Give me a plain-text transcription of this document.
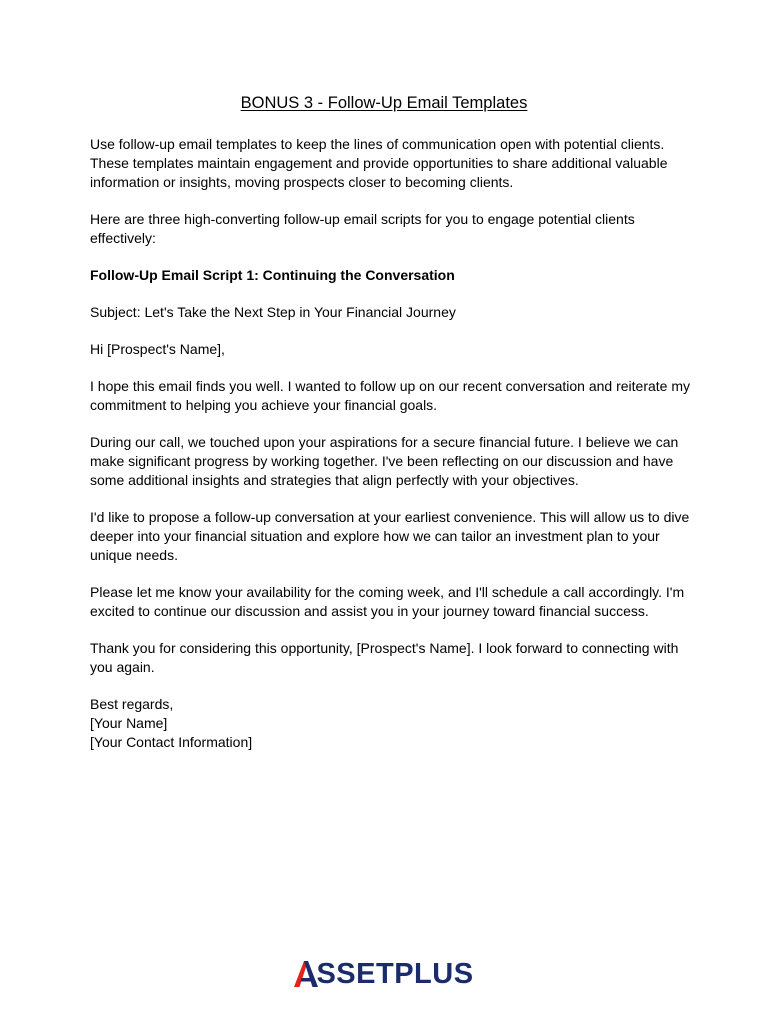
BONUS 3 - Follow-Up Email Templates

Use follow-up email templates to keep the lines of communication open with potential clients. These templates maintain engagement and provide opportunities to share additional valuable information or insights, moving prospects closer to becoming clients.

Here are three high-converting follow-up email scripts for you to engage potential clients effectively:

Follow-Up Email Script 1: Continuing the Conversation

Subject: Let's Take the Next Step in Your Financial Journey

Hi [Prospect's Name],

I hope this email finds you well. I wanted to follow up on our recent conversation and reiterate my commitment to helping you achieve your financial goals.

During our call, we touched upon your aspirations for a secure financial future. I believe we can make significant progress by working together. I've been reflecting on our discussion and have some additional insights and strategies that align perfectly with your objectives.

I'd like to propose a follow-up conversation at your earliest convenience. This will allow us to dive deeper into your financial situation and explore how we can tailor an investment plan to your unique needs.

Please let me know your availability for the coming week, and I'll schedule a call accordingly. I'm excited to continue our discussion and assist you in your journey toward financial success.

Thank you for considering this opportunity, [Prospect's Name]. I look forward to connecting with you again.

Best regards,

[Your Name]

[Your Contact Information]

SSETPLUS
